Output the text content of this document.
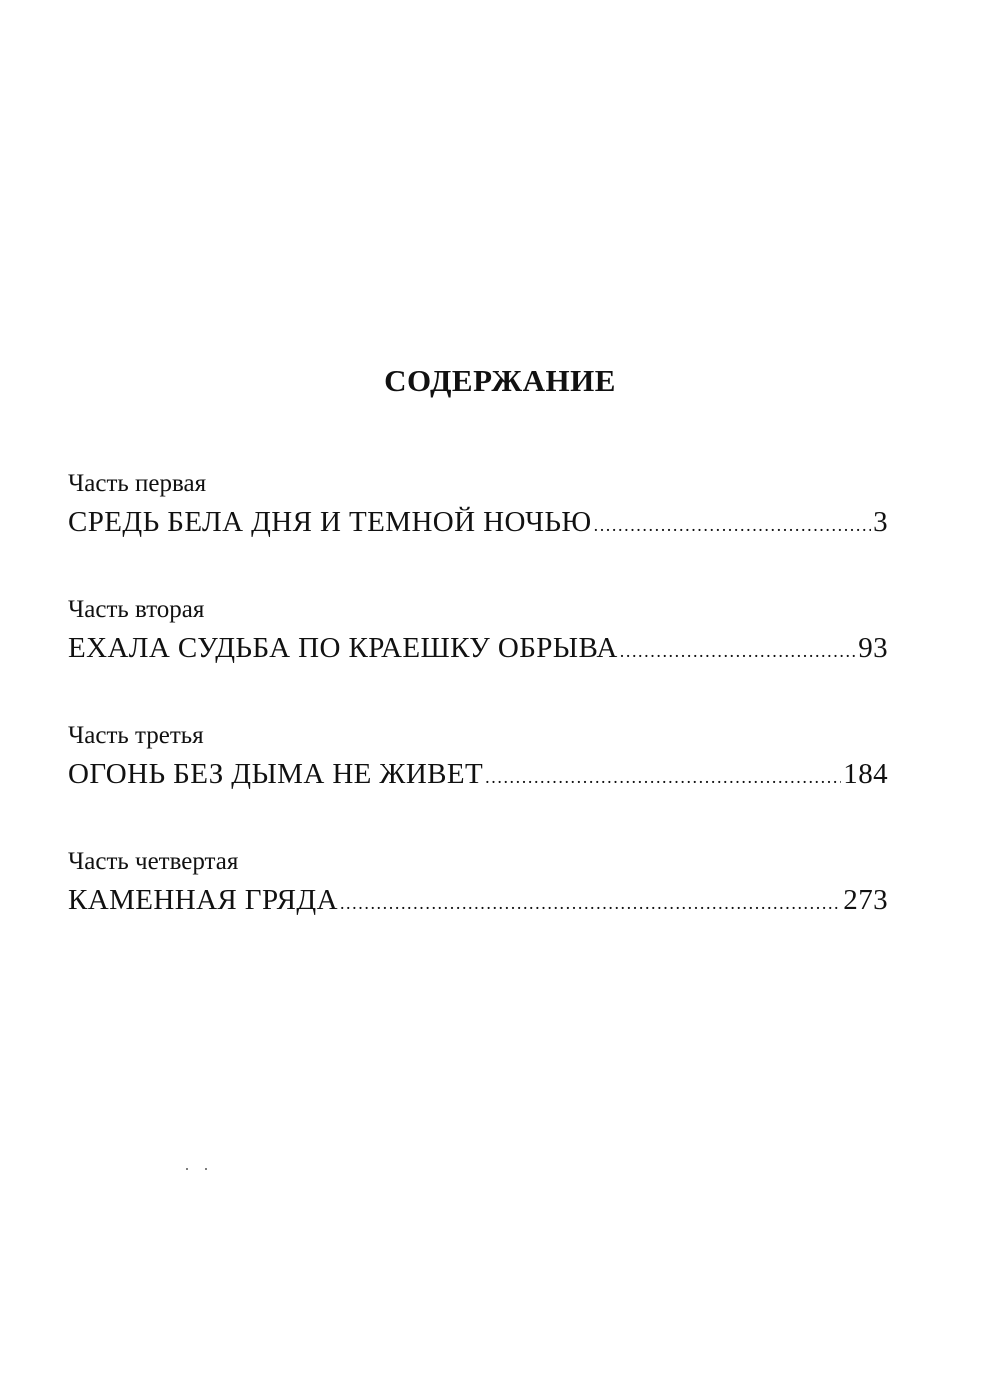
СОДЕРЖАНИЕ
Часть первая
СРЕДЬ БЕЛА ДНЯ И ТЕМНОЙ НОЧЬЮ .....	3
Часть вторая
ЕХАЛА СУДЬБА ПО КРАЕШКУ ОБРЫВА .....	93
Часть третья
ОГОНЬ БЕЗ ДЫМА НЕ ЖИВЕТ .....	184
Часть четвертая
КАМЕННАЯ ГРЯДА .....	273
